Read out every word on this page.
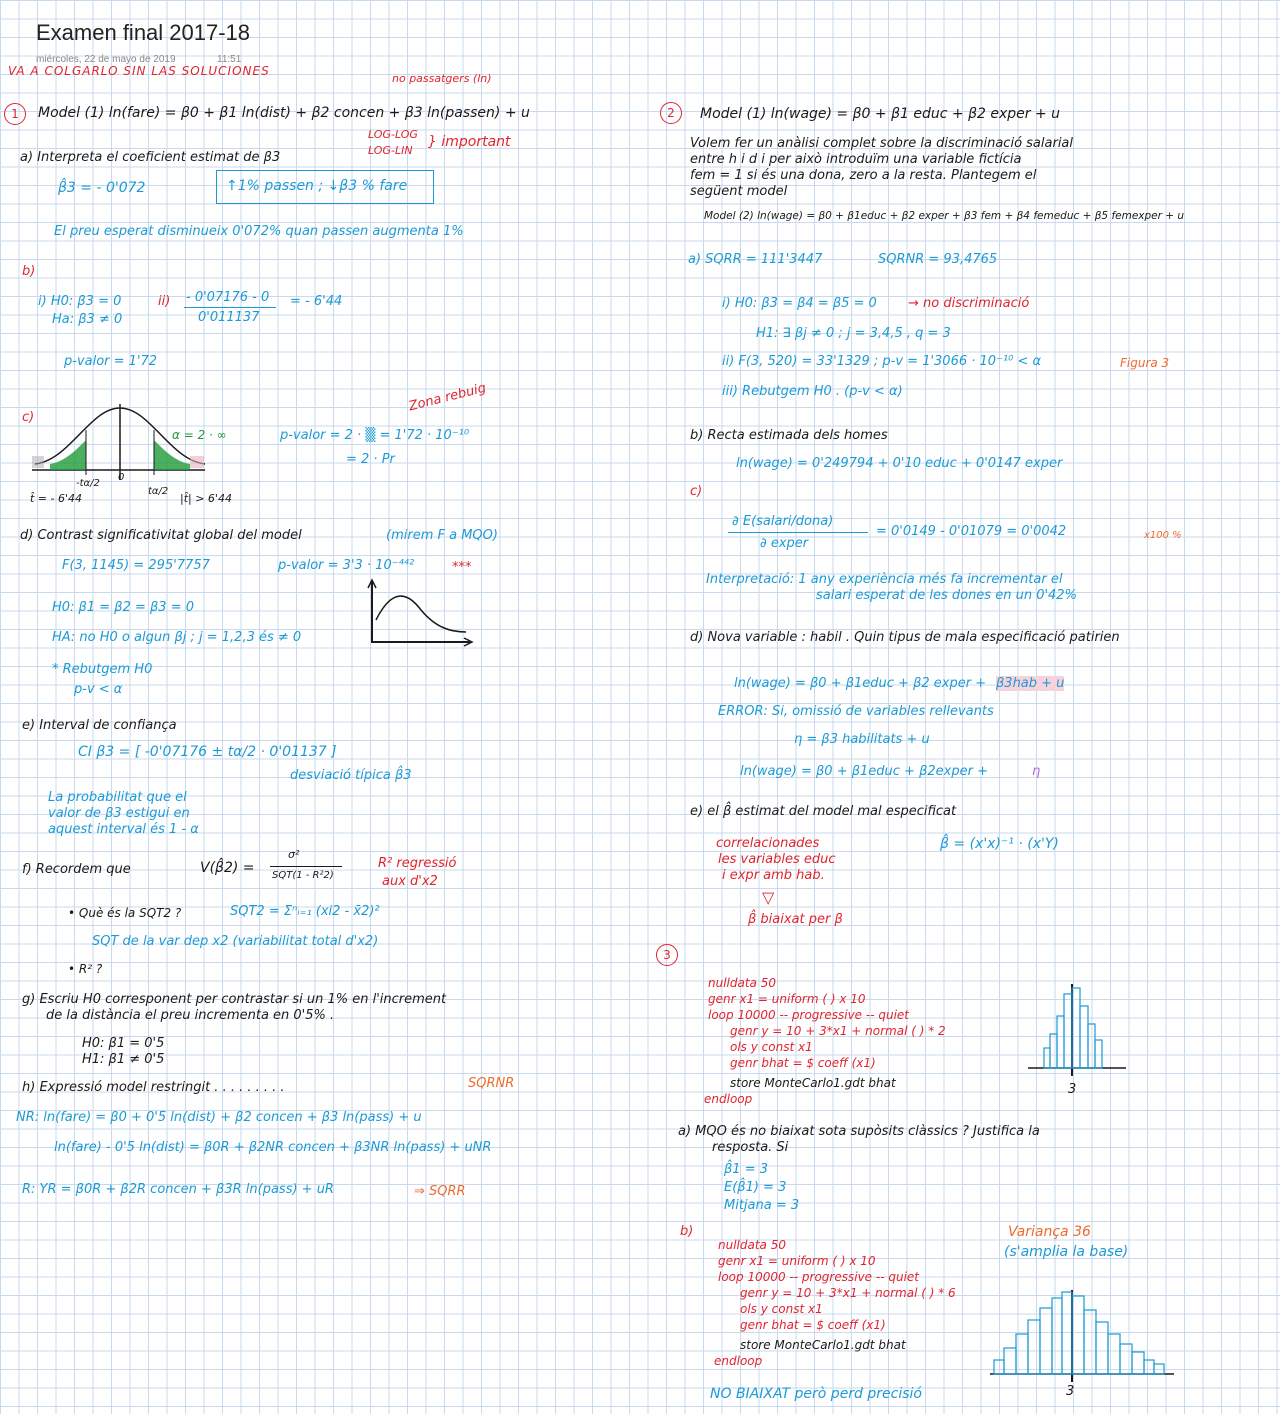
Examen final 2017-18
miércoles, 22 de mayo de 2019	11:51
VA A COLGARLO SIN LAS SOLUCIONES
no passatgers (ln)
1	Model (1) ln(fare) = β0 + β1 ln(dist) + β2 concen + β3 ln(passen) + u
LOG-LOG
LOG-LIN
} important
a) Interpreta el coeficient estimat de β3
β̂3 = - 0'072	↑1% passen ; ↓β3 % fare
El preu esperat disminueix 0'072% quan passen augmenta 1%
b)
i) H0: β3 = 0
Ha: β3 ≠ 0
ii) - 0'07176 - 0
0'011137
= - 6'44
p-valor = 1'72
c)
0
-tα/2
tα/2
t̂ = - 6'44	|t̂| > 6'44
α = 2 · ∞
Zona rebuig
p-valor = 2 · ▒ = 1'72 · 10⁻¹⁰
= 2 · Pr
d) Contrast significativitat global del model	(mirem F a MQO)
F(3, 1145) = 295'7757	p-valor = 3'3 · 10⁻⁴⁴²	***
H0: β1 = β2 = β3 = 0
HA: no H0 o algun βj ; j = 1,2,3 és ≠ 0
* Rebutgem H0
p-v < α
e) Interval de confiança
CI β3 = [ -0'07176 ± tα/2 · 0'01137 ]
desviació típica β̂3
La probabilitat que el
valor de β3 estigui en
aquest interval és 1 - α
f) Recordem que	V(β̂2) =
σ²
SQT(1 - R²2)
R² regressió
aux d'x2
• Què és la SQT2 ?	SQT2 = Σⁿᵢ₌₁ (xi2 - x̄2)²
SQT de la var dep x2 (variabilitat total d'x2)
• R² ?
g) Escriu H0 corresponent per contrastar si un 1% en l'increment
de la distància el preu incrementa en 0'5% .
H0: β1 = 0'5
H1: β1 ≠ 0'5
h) Expressió model restringit . . . . . . . . .	SQRNR
NR: ln(fare) = β0 + 0'5 ln(dist) + β2 concen + β3 ln(pass) + u
ln(fare) - 0'5 ln(dist) = β0R + β2NR concen + β3NR ln(pass) + uNR
R: YR = β0R + β2R concen + β3R ln(pass) + uR	⇒ SQRR
2	Model (1) ln(wage) = β0 + β1 educ + β2 exper + u
Volem fer un anàlisi complet sobre la discriminació salarial
entre h i d i per això introduïm una variable fictícia
fem = 1 si és una dona, zero a la resta. Plantegem el
següent model
Model (2) ln(wage) = β0 + β1educ + β2 exper + β3 fem + β4 femeduc + β5 femexper + u
a) SQRR = 111'3447	SQRNR = 93,4765
i) H0: β3 = β4 = β5 = 0 → no discriminació
H1: ∃ βj ≠ 0 ; j = 3,4,5 , q = 3
ii) F(3, 520) = 33'1329 ; p-v = 1'3066 · 10⁻¹⁰ < α	Figura 3
iii) Rebutgem H0 . (p-v < α)
b) Recta estimada dels homes
ln(wage) = 0'249794 + 0'10 educ + 0'0147 exper
c)
∂ E(salari/dona)
∂ exper
= 0'0149 - 0'01079 = 0'0042	x100 %
Interpretació: 1 any experiència més fa incrementar el
salari esperat de les dones en un 0'42%
d) Nova variable : habil . Quin tipus de mala especificació patirien
ln(wage) = β0 + β1educ + β2 exper + β3hab + u
ERROR: Si, omissió de variables rellevants
η = β3 habilitats + u
ln(wage) = β0 + β1educ + β2exper +	η
e) el β̂ estimat del model mal especificat
β̂ = (x'x)⁻¹ · (x'Y)
correlacionades
les variables educ
i expr amb hab.
▽
β̂ biaixat per β
3
nulldata 50
genr x1 = uniform ( ) x 10
loop 10000 -- progressive -- quiet
genr y = 10 + 3*x1 + normal ( ) * 2
ols y const x1
genr bhat = $ coeff (x1)
store MonteCarlo1.gdt bhat
endloop
3
a) MQO és no biaixat sota supòsits clàssics ? Justifica la
resposta. Si
β̂1 = 3
E(β̂1) = 3
Mitjana = 3
b)
nulldata 50
genr x1 = uniform ( ) x 10
loop 10000 -- progressive -- quiet
genr y = 10 + 3*x1 + normal ( ) * 6
ols y const x1
genr bhat = $ coeff (x1)
store MonteCarlo1.gdt bhat
endloop
Variança 36
(s'amplia la base)
3
NO BIAIXAT però perd precisió
